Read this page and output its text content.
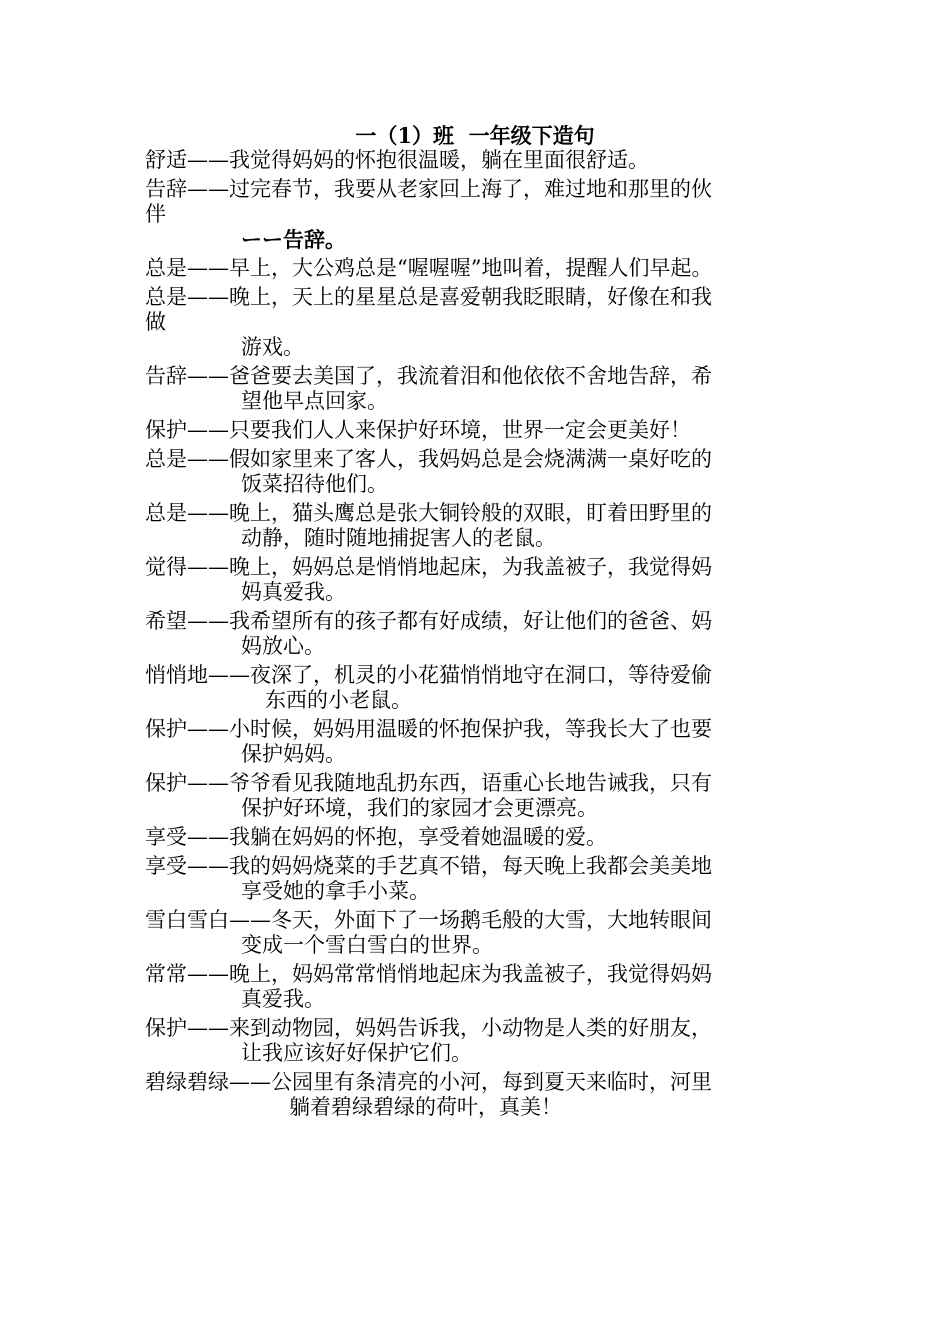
一（1）班  一年级下造句
舒适——我觉得妈妈的怀抱很温暖，躺在里面很舒适。
告辞——过完春节，我要从老家回上海了，难过地和那里的伙
伴
ーー告辞。
总是——早上，大公鸡总是“喔喔喔”地叫着，提醒人们早起。
总是——晚上，天上的星星总是喜爱朝我眨眼睛，好像在和我
做
游戏。
告辞——爸爸要去美国了，我流着泪和他依依不舍地告辞，希
望他早点回家。
保护——只要我们人人来保护好环境，世界一定会更美好！
总是——假如家里来了客人，我妈妈总是会烧满满一桌好吃的
饭菜招待他们。
总是——晚上，猫头鹰总是张大铜铃般的双眼，盯着田野里的
动静，随时随地捕捉害人的老鼠。
觉得——晚上，妈妈总是悄悄地起床，为我盖被子，我觉得妈
妈真爱我。
希望——我希望所有的孩子都有好成绩，好让他们的爸爸、妈
妈放心。
悄悄地——夜深了，机灵的小花猫悄悄地守在洞口，等待爱偷
东西的小老鼠。
保护——小时候，妈妈用温暖的怀抱保护我，等我长大了也要
保护妈妈。
保护——爷爷看见我随地乱扔东西，语重心长地告诫我，只有
保护好环境，我们的家园才会更漂亮。
享受——我躺在妈妈的怀抱，享受着她温暖的爱。
享受——我的妈妈烧菜的手艺真不错，每天晚上我都会美美地
享受她的拿手小菜。
雪白雪白——冬天，外面下了一场鹅毛般的大雪，大地转眼间
变成一个雪白雪白的世界。
常常——晚上，妈妈常常悄悄地起床为我盖被子，我觉得妈妈
真爱我。
保护——来到动物园，妈妈告诉我，小动物是人类的好朋友，
让我应该好好保护它们。
碧绿碧绿——公园里有条清亮的小河，每到夏天来临时，河里
躺着碧绿碧绿的荷叶，真美！
